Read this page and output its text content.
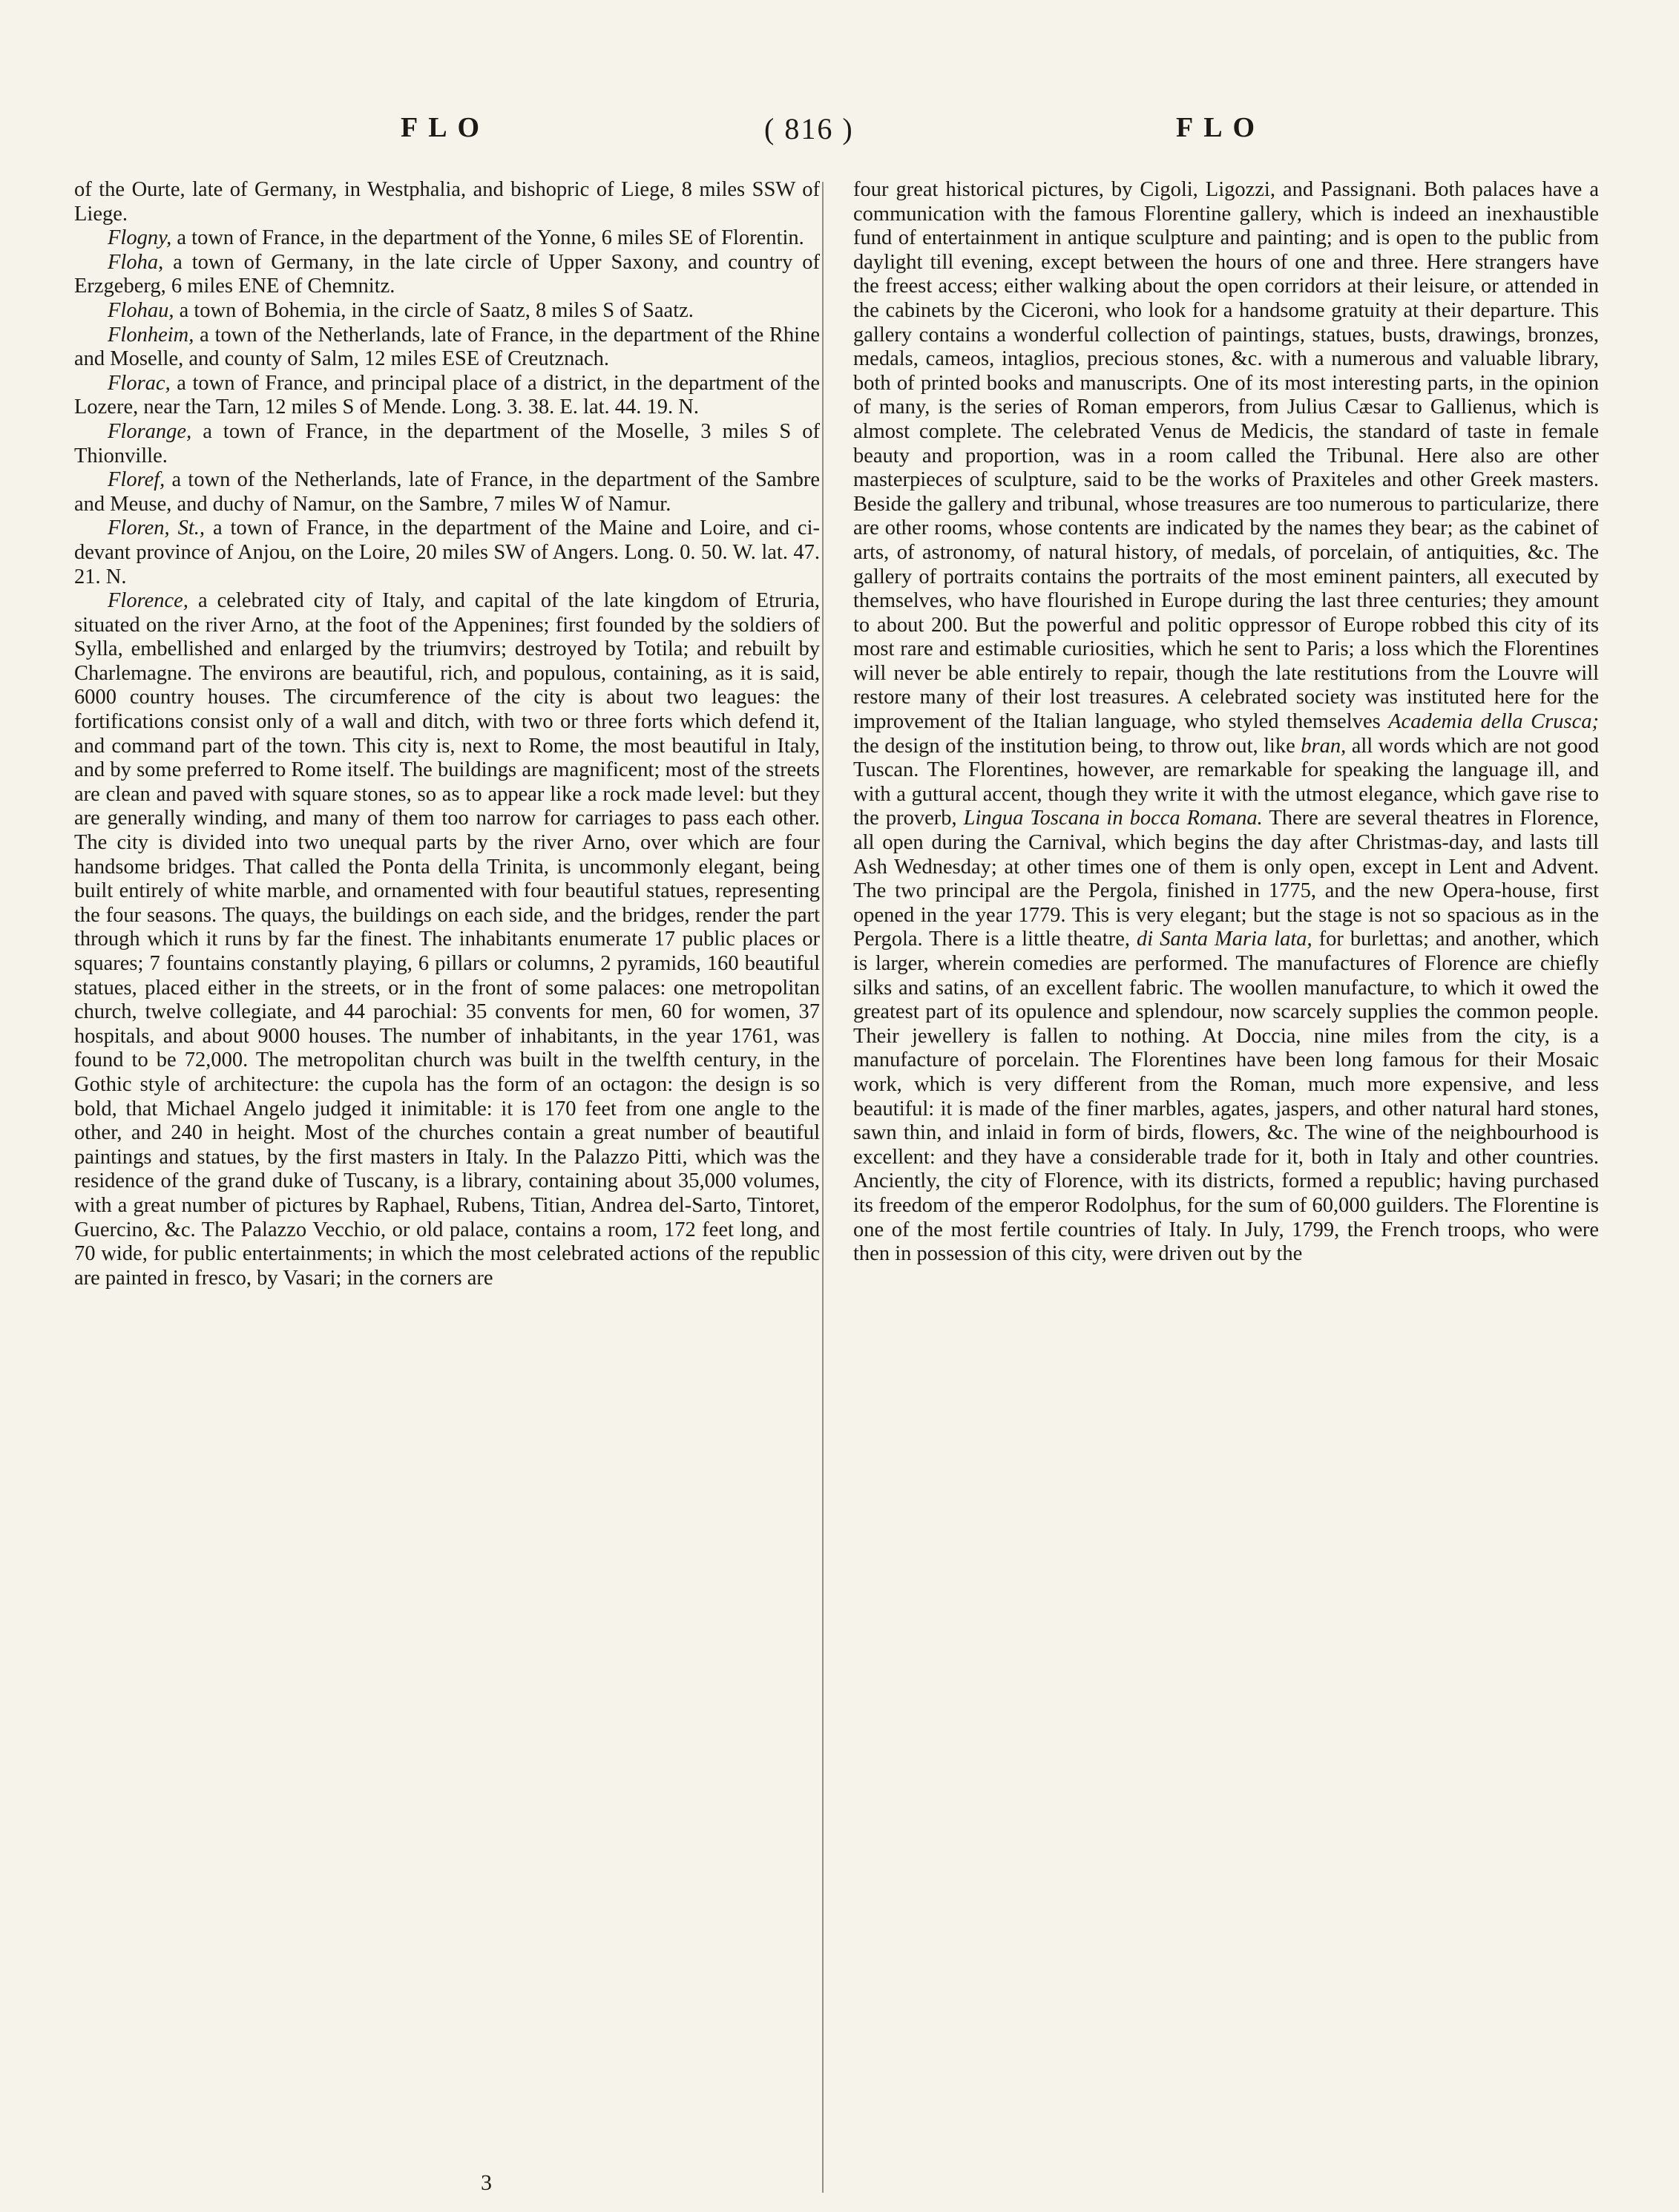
FLO	( 816 )	FLO

of the Ourte, late of Germany, in Westphalia, and bishopric of Liege, 8 miles SSW of Liege.

Flogny, a town of France, in the department of the Yonne, 6 miles SE of Florentin.

Floha, a town of Germany, in the late circle of Upper Saxony, and country of Erzgeberg, 6 miles ENE of Chemnitz.

Flohau, a town of Bohemia, in the circle of Saatz, 8 miles S of Saatz.

Flonheim, a town of the Netherlands, late of France, in the department of the Rhine and Moselle, and county of Salm, 12 miles ESE of Creutznach.

Florac, a town of France, and principal place of a district, in the department of the Lozere, near the Tarn, 12 miles S of Mende. Long. 3. 38. E. lat. 44. 19. N.

Florange, a town of France, in the department of the Moselle, 3 miles S of Thionville.

Floref, a town of the Netherlands, late of France, in the department of the Sambre and Meuse, and duchy of Namur, on the Sambre, 7 miles W of Namur.

Floren, St., a town of France, in the department of the Maine and Loire, and ci-devant province of Anjou, on the Loire, 20 miles SW of Angers. Long. 0. 50. W. lat. 47. 21. N.

Florence, a celebrated city of Italy, and capital of the late kingdom of Etruria, situated on the river Arno, at the foot of the Appenines; first founded by the soldiers of Sylla, embellished and enlarged by the triumvirs; destroyed by Totila; and rebuilt by Charlemagne. The environs are beautiful, rich, and populous, containing, as it is said, 6000 country houses. The circumference of the city is about two leagues: the fortifications consist only of a wall and ditch, with two or three forts which defend it, and command part of the town. This city is, next to Rome, the most beautiful in Italy, and by some preferred to Rome itself. The buildings are magnificent; most of the streets are clean and paved with square stones, so as to appear like a rock made level: but they are generally winding, and many of them too narrow for carriages to pass each other. The city is divided into two unequal parts by the river Arno, over which are four handsome bridges. That called the Ponta della Trinita, is uncommonly elegant, being built entirely of white marble, and ornamented with four beautiful statues, representing the four seasons. The quays, the buildings on each side, and the bridges, render the part through which it runs by far the finest. The inhabitants enumerate 17 public places or squares; 7 fountains constantly playing, 6 pillars or columns, 2 pyramids, 160 beautiful statues, placed either in the streets, or in the front of some palaces: one metropolitan church, twelve collegiate, and 44 parochial: 35 convents for men, 60 for women, 37 hospitals, and about 9000 houses. The number of inhabitants, in the year 1761, was found to be 72,000. The metropolitan church was built in the twelfth century, in the Gothic style of architecture: the cupola has the form of an octagon: the design is so bold, that Michael Angelo judged it inimitable: it is 170 feet from one angle to the other, and 240 in height. Most of the churches contain a great number of beautiful paintings and statues, by the first masters in Italy. In the Palazzo Pitti, which was the residence of the grand duke of Tuscany, is a library, containing about 35,000 volumes, with a great number of pictures by Raphael, Rubens, Titian, Andrea del-Sarto, Tintoret, Guercino, &c. The Palazzo Vecchio, or old palace, contains a room, 172 feet long, and 70 wide, for public entertainments; in which the most celebrated actions of the republic are painted in fresco, by Vasari; in the corners are

four great historical pictures, by Cigoli, Ligozzi, and Passignani. Both palaces have a communication with the famous Florentine gallery, which is indeed an inexhaustible fund of entertainment in antique sculpture and painting; and is open to the public from daylight till evening, except between the hours of one and three. Here strangers have the freest access; either walking about the open corridors at their leisure, or attended in the cabinets by the Ciceroni, who look for a handsome gratuity at their departure. This gallery contains a wonderful collection of paintings, statues, busts, drawings, bronzes, medals, cameos, intaglios, precious stones, &c. with a numerous and valuable library, both of printed books and manuscripts. One of its most interesting parts, in the opinion of many, is the series of Roman emperors, from Julius Cæsar to Gallienus, which is almost complete. The celebrated Venus de Medicis, the standard of taste in female beauty and proportion, was in a room called the Tribunal. Here also are other masterpieces of sculpture, said to be the works of Praxiteles and other Greek masters. Beside the gallery and tribunal, whose treasures are too numerous to particularize, there are other rooms, whose contents are indicated by the names they bear; as the cabinet of arts, of astronomy, of natural history, of medals, of porcelain, of antiquities, &c. The gallery of portraits contains the portraits of the most eminent painters, all executed by themselves, who have flourished in Europe during the last three centuries; they amount to about 200. But the powerful and politic oppressor of Europe robbed this city of its most rare and estimable curiosities, which he sent to Paris; a loss which the Florentines will never be able entirely to repair, though the late restitutions from the Louvre will restore many of their lost treasures. A celebrated society was instituted here for the improvement of the Italian language, who styled themselves Academia della Crusca; the design of the institution being, to throw out, like bran, all words which are not good Tuscan. The Florentines, however, are remarkable for speaking the language ill, and with a guttural accent, though they write it with the utmost elegance, which gave rise to the proverb, Lingua Toscana in bocca Romana. There are several theatres in Florence, all open during the Carnival, which begins the day after Christmas-day, and lasts till Ash Wednesday; at other times one of them is only open, except in Lent and Advent. The two principal are the Pergola, finished in 1775, and the new Opera-house, first opened in the year 1779. This is very elegant; but the stage is not so spacious as in the Pergola. There is a little theatre, di Santa Maria lata, for burlettas; and another, which is larger, wherein comedies are performed. The manufactures of Florence are chiefly silks and satins, of an excellent fabric. The woollen manufacture, to which it owed the greatest part of its opulence and splendour, now scarcely supplies the common people. Their jewellery is fallen to nothing. At Doccia, nine miles from the city, is a manufacture of porcelain. The Florentines have been long famous for their Mosaic work, which is very different from the Roman, much more expensive, and less beautiful: it is made of the finer marbles, agates, jaspers, and other natural hard stones, sawn thin, and inlaid in form of birds, flowers, &c. The wine of the neighbourhood is excellent: and they have a considerable trade for it, both in Italy and other countries. Anciently, the city of Florence, with its districts, formed a republic; having purchased its freedom of the emperor Rodolphus, for the sum of 60,000 guilders. The Florentine is one of the most fertile countries of Italy. In July, 1799, the French troops, who were then in possession of this city, were driven out by the

3
